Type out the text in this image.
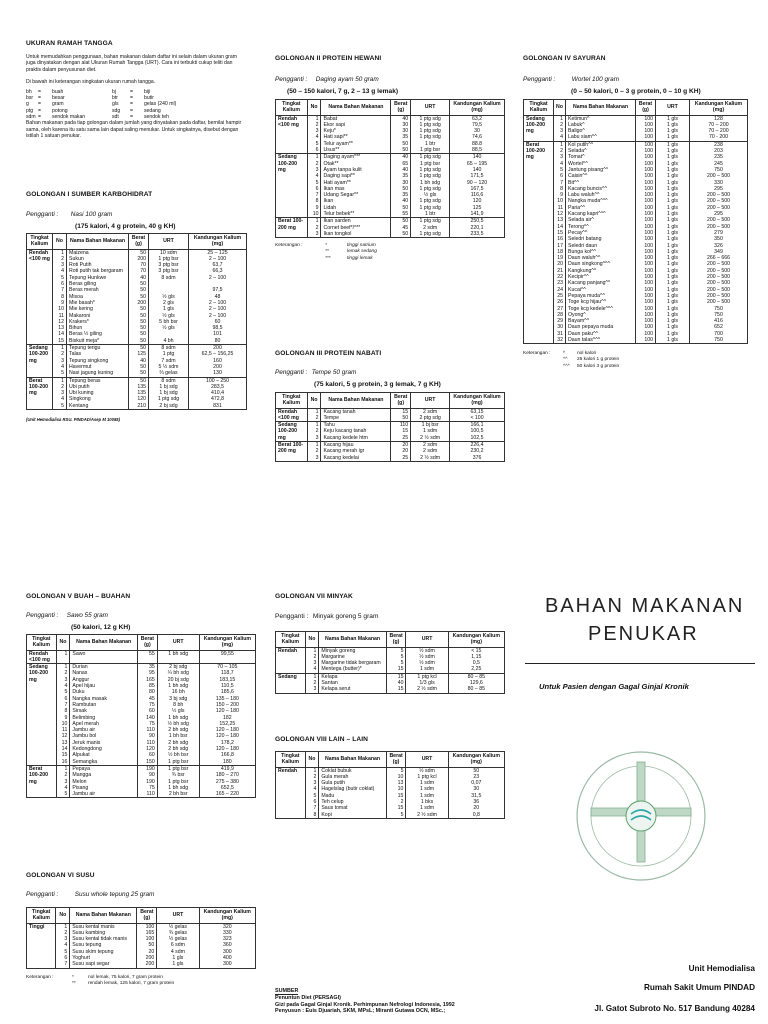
UKURAN RAMAH TANGGA

Untuk memudahkan penggunaan, bahan makanan dalam daftar ini selain dalam ukuran gram juga dinyatakan dengan alat Ukuran Rumah Tangga (URT). Cara ini terbukti cukup teliti dan praktis dalam penyusunan diet.

Di bawah ini keterangan singkatan ukuran rumah tangga.

bh	=	buah	bj	=	biji
bsr =	besar	btr	=	butir
g	=	gram	gls	=	gelas (240 ml)
ptg =	potong	sdg	=	sedang
sdm =	sendok makan	sdt	=	sendok teh

Bahan makanan pada tiap golongan dalam jumlah yang dinyatakan pada daftar, bernilai hampir sama, oleh karena itu satu sama lain dapat saling menukar. Untuk singkatnya, disebut dengan istilah 1 satuan penukar.

GOLONGAN I SUMBER KARBOHIDRAT
Pengganti : Nasi 100 gram
(175 kalori, 4 g protein, 40 g KH)
Tingkat Kalium	No	Nama Bahan Makanan	Berat (g)	URT	Kandungan Kalium (mg)
Rendah <100 mg	1	Maizena	50	10 sdm	25 – 125
	2	Sukun	200	1 ptg bsr	2 – 100
	3	Roti Putih	70	3 ptg bsr	63,7
	4	Roti putih tak bergaram	70	3 ptg bsr	66,3
	5	Tepung Hunkwe	40	8 sdm	2 – 100
	6	Beras giling	50		
	7	Beras merah	50		97,5
	8	Misoa	50	½ gls	48
	9	Mie basah*	200	2 gls	2 – 100
	10	Mie kering	50	1 gls	2 – 100
	11	Makaroni	50	½ gls	2 – 100
	12	Krakers*	50	5 bh bsr	60
	13	Bihun	50	½ gls	98,5
	14	Beras ½ giling	50		101
	15	Biskuit meja*	50	4 bh	80
Sedang 100-200 mg	1	Tepung terigu	50	8 sdm	200
	2	Talas	125	1 ptg	62,5 – 156,25
	3	Tepung singkong	40	7 sdm	160
	4	Havermut	50	5 ½ sdm	200
	5	Nasi jagung kuning	50	⅔ gelas	130
Berat 100-200 mg	1	Tepung beras	50	8 sdm	100 – 250
	2	Ubi putih	135	1 bj sdg	283,5
	3	Ubi kuning	135	1 bj sdg	410,4
	4	Singkong	120	1 ptg sdg	472,8
	5	Kentang	210	2 bj sdg	831
(Unit Hemodialisa RSU. PINDAD/Asep M 10085)
GOLONGAN II PROTEIN HEWANI
Pengganti : Daging ayam 50 gram
(50 – 150 kalori, 7 g, 2 – 13 g lemak)
Tingkat Kalium	No	Nama Bahan Makanan	Berat (g)	URT	Kandungan Kalium (mg)
Rendah <100 mg	1	Babat	40	1 ptg sdg	63,2
	2	Ekor sapi	30	1 ptg sdg	79,5
	3	Keju*	30	1 ptg sdg	30
	4	Hati sapi**	35	1 ptg sdg	74,6
	5	Telur ayam**	50	1 btr	88.8
	6	Usus**	50	1 ptg bsr	88,5
Sedang 100-200 mg	1	Daging ayam***	40	1 ptg sdg	140
	2	Otak**	65	1 ptg bsr	65 – 195
	3	Ayam tanpa kulit	40	1 ptg sdg	140
	4	Daging sapi**	35	1 ptg sdg	171,5
	5	Hati ayam**	30	1 bh sdg	90 – 120
	6	Ikan mas	50	1 ptg sdg	167,5
	7	Udang Segar**	35	½ gls	116,6
	8	Ikan	40	1 ptg sdg	120
	9	Lidah	50	1 ptg sdg	125
	10	Telur bebek**	55	1 btr	141,9
Berat 100-200 mg	1	Ikan sarden	50	1 ptg sdg	250,5
	2	Cornet beef*/***	45	2 sdm	220,1
	3	Ikan tongkol	50	1 ptg sdg	233,5
Keterangan :	*	tinggi natrium
**	lemak sedang
***	tinggi lemak
GOLONGAN III PROTEIN NABATI
Pengganti : Tempe 50 gram
(75 kalori, 5 g protein, 3 g lemak, 7 g KH)
Tingkat Kalium	No	Nama Bahan Makanan	Berat (g)	URT	Kandungan Kalium (mg)
Rendah <100 mg	1	Kacang tanah	15	2 sdm	63,15
	2	Tempe	50	2 ptg sdg	< 100
Sedang 100-200 mg	1	Tahu	110	1 bj bsr	166,1
	2	Keju kacang tanah	15	1 sdm	100,5
	3	Kacang kedele htm	25	2 ½ sdm	102,5
Berat 100-200 mg	1	Kacang hijau	20	2 sdm	226,4
	2	Kacang merah igr	20	2 sdm	230,2
	3	Kacang kedelai	25	2 ½ sdm	376
GOLONGAN IV SAYURAN
Pengganti :	Wortel 100 gram
(0 – 50 kalori, 0 – 3 g protein, 0 – 10 g KH)
Tingkat Kalium	No	Nama Bahan Makanan	Berat (g)	URT	Kandungan Kalium (mg)
Sedang 100-200 mg	1	Ketimun^	100	1 gls	128
	2	Labuk^	100	1 gls	70 – 200
	3	Baligo^	100	1 gls	70 – 200
	4	Labu siam^^	100	1 gls	70 - 200
Berat 100-200 mg	1	Kol putih^^	100	1 gls	238
	2	Selada^	100	1 gls	203
	3	Tomat^	100	1 gls	235
	4	Wortel^^	100	1 gls	245
	5	Jantung pisang^^	100	1 gls	750
	6	Caisin^^	100	1 gls	200 – 500
	7	Bit^^	100	1 gls	330
	8	Kacang buncis^^	100	1 gls	295
	9	Labu waluh^^	100	1 gls	200 – 500
	10	Nangka muda^^^	100	1 gls	200 – 500
	11	Paria^^	100	1 gls	200 – 500
	12	Kacang kapri^^^	100	1 gls	295
	13	Selada air^	100	1 gls	200 – 500
	14	Terong^^	100	1 gls	200 – 500
	15	Pecay^^	100	1 gls	279
	16	Seledri batang	100	1 gls	350
	17	Seledri daun	100	1 gls	326
	18	Bunga kol^^	100	1 gls	349
	19	Daun waluh^^	100	1 gls	266 – 666
	20	Daun singkong^^^	100	1 gls	200 – 500
	21	Kangkung^^	100	1 gls	200 – 500
	22	Kecipir^^	100	1 gls	200 – 500
	23	Kacang panjang^^	100	1 gls	200 – 500
	24	Kucai^^	100	1 gls	200 – 500
	25	Pepaya muda^^	100	1 gls	200 – 500
	26	Toge kcg hijau^^	100	1 gls	200 – 500
	27	Toge kcg kedele^^^	100	1 gls	750
	28	Oyong^	100	1 gls	750
	29	Bayam^^	100	1 gls	416
	30	Daun pepaya muda	100	1 gls	652
	31	Daun paku^^	100	1 gls	700
	32	Daun talas^^^	100	1 gls	750
Keterangan :	^	nol kalori
^^	25 kalori 1 g protein
^^^	50 kalori 3 g protein
GOLONGAN V BUAH – BUAHAN
Pengganti : Sawo 55 gram
(50 kalori, 12 g KH)
Tingkat Kalium	No	Nama Bahan Makanan	Berat (g)	URT	Kandungan Kalium (mg)
Rendah <100 mg	1	Sawo	55	1 bh sdg	99,55
Sedang 100-200 mg	1	Durian	35	2 bj sdg	70 – 105
	2	Nanas	95	¼ bh sdg	118,7
	3	Anggur	165	20 bj sdg	183,15
	4	Apel hijau	85	1 bh sdg	110,5
	5	Duku	80	16 bh	185,6
	6	Nangka masak	45	3 bj sdg	135 – 180
	7	Rambutan	75	8 bh	150 – 200
	8	Sirsak	60	½ gls	120 – 180
	9	Belimbing	140	1 bh sdg	182
	10	Apel merah	75	½ bh sdg	152,25
	11	Jambu air	110	2 bh sdg	120 – 180
	12	Jambu bol	90	1 bh bsr	120 – 180
	13	Jeruk manis	110	2 bh sdg	178,2
	14	Kedongdong	120	2 bh sdg	120 – 180
	15	Alpukat	60	½ bh bsr	166,8
	16	Semangka	150	1 ptg bsr	180
Berat 100-200 mg	1	Pepaya	190	1 ptg bsr	419,9
	2	Mangga	90	¾ bsr	180 – 270
	3	Melon	190	1 ptg bsr	275 – 380
	4	Pisang	75	1 bh sdg	652,5
	5	Jambu air	110	2 bh bsr	165 – 220
GOLONGAN VI SUSU
Pengganti :	Susu whole tepung 25 gram
Tingkat Kalium	No	Nama Bahan Makanan	Berat (g)	URT	Kandungan Kalium (mg)
Tinggi	1	Susu kental manis	100	½ gelas	320
	2	Susu kambing	165	¾ gelas	330
	3	Susu kental tidak manis	100	½ gelas	323
	4	Susu tepung	50	6 sdm	360
	5	Susu skim tepung	20	4 sdm	300
	6	Yoghurt	200	1 gls	400
	7	Susu sapi segar	200	1 gls	300
Keterangan :	*	nol lemak, 75 kalori, 7 gram protein
**	rendah lemak, 125 kalori, 7 gram protein
GOLONGAN VII MINYAK
Pengganti : Minyak goreng 5 gram
Tingkat Kalium	No	Nama Bahan Makanan	Berat (g)	URT	Kandungan Kalium (mg)
Rendah	1	Minyak goreng	5	½ sdm	< 15
	2	Margarine	5	½ sdm	1,15
	3	Margarine tidak bergaram	5	½ sdm	0,5
	4	Mentega (butter)*	15	1 sdm	2,25
Sedang	1	Kelapa	15	1 ptg kcl	80 – 85
	2	Santan	40	1/3 gls	129,6
	3	Kelapa serut	15	2 ½ sdm	80 – 85
GOLONGAN VIII LAIN – LAIN
Tingkat Kalium	No	Nama Bahan Makanan	Berat (g)	URT	Kandungan Kalium (mg)
Rendah	1	Coklat bubuk	5	½ sdm	50
	2	Gula merah	10	1 ptg kcl	23
	3	Gula putih	13	1 sdm	0,07
	4	Hagelslag (butir coklat)	10	1 sdm	30
	5	Madu	15	1 sdm	31,5
	6	Teh celup	2	1 bks	36
	7	Saus tomat	15	1 sdm	20
	8	Kopi	5	2 ½ sdm	0,8
SUMBER
Penuntun Diet (PERSAGI)
Gizi pada Gagal Ginjal Kronik. Perhimpunan Nefrologi Indonesia, 1992
Penyusun : Euis Djuariah, SKM, MPsL; Miranti Gutawa OCN, MSc.;
BAHAN MAKANAN
PENUKAR
Untuk Pasien dengan Gagal Ginjal Kronik
Unit Hemodialisa
Rumah Sakit Umum PINDAD
Jl. Gatot Subroto No. 517 Bandung 40284
